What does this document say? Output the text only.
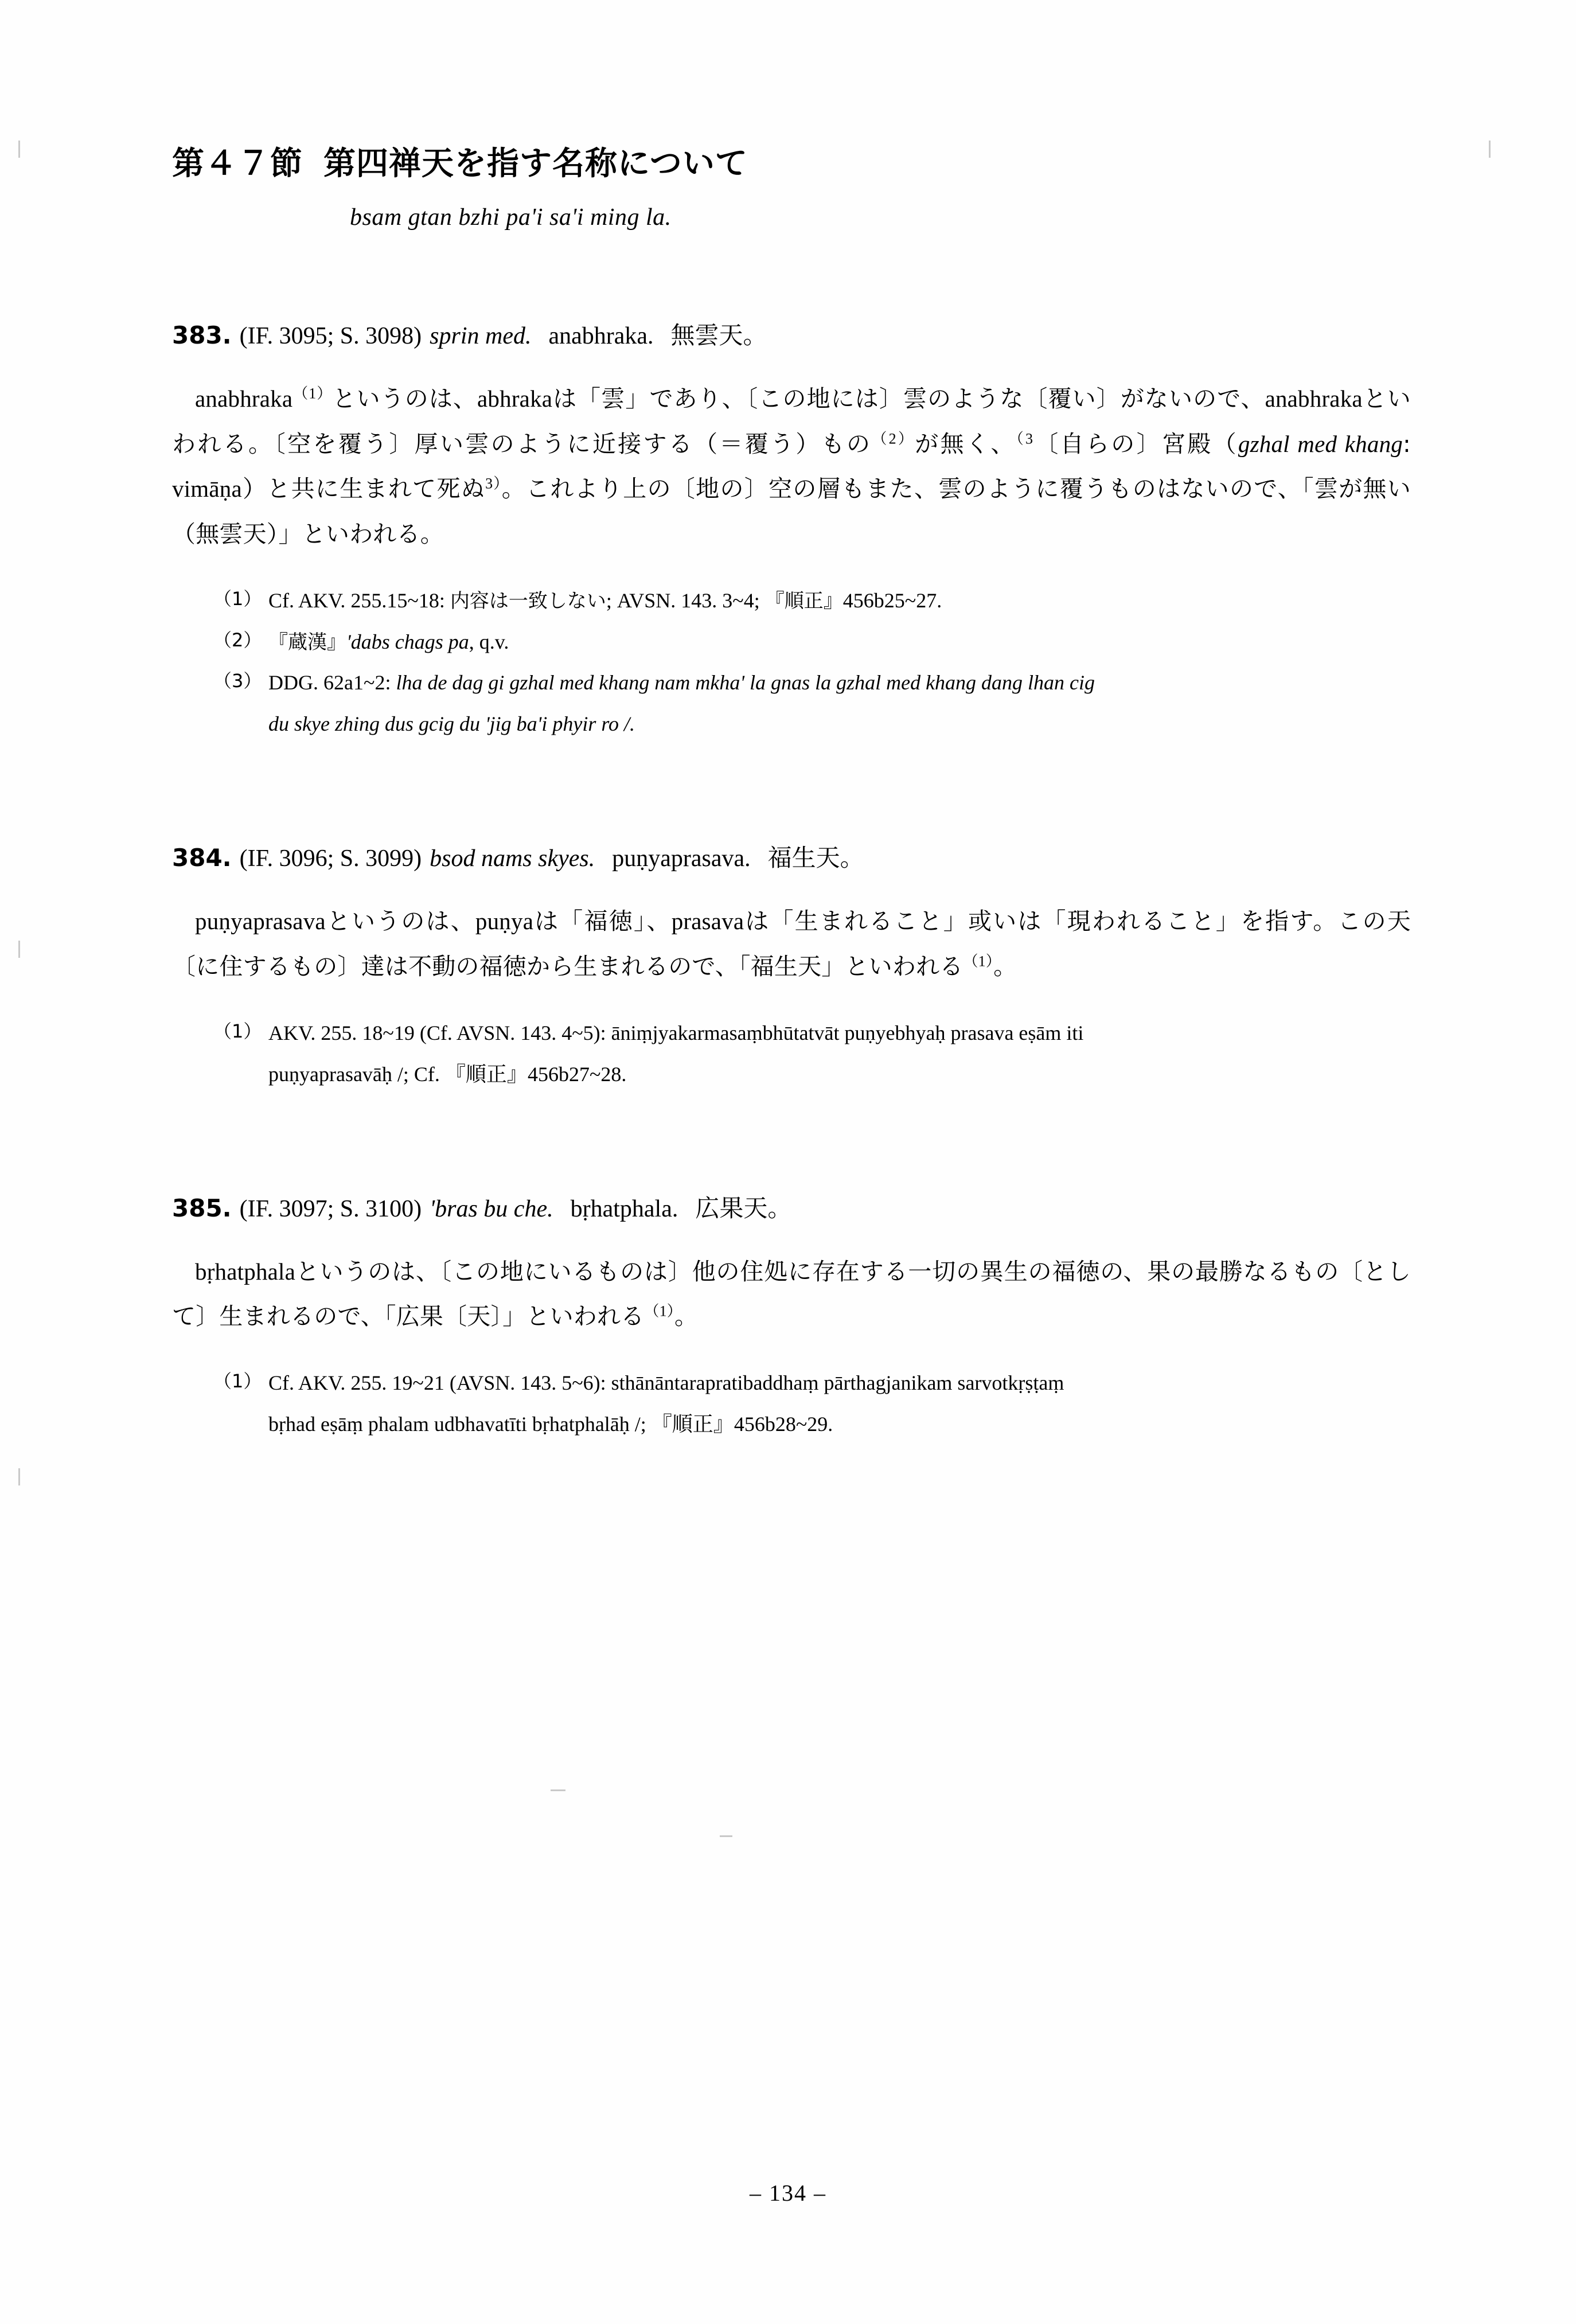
第４７節 第四禅天を指す名称について
bsam gtan bzhi pa'i sa'i ming la.
383. (IF. 3095; S. 3098) sprin med. anabhraka. 無雲天。

anabhraka$^{(1)}$というのは、abhrakaは「雲」であり、〔この地には〕雲のような〔覆い〕がないので、anabhrakaといわれる。〔空を覆う〕厚い雲のように近接する（＝覆う）もの$^{(2)}$が無く、$^{(3}$〔自らの〕宮殿（gzhal med khang: vimāṇa）と共に生まれて死ぬ$^{3)}$。これより上の〔地の〕空の層もまた、雲のように覆うものはないので、「雲が無い（無雲天）」といわれる。

（1） Cf. AKV. 255.15~18: 内容は一致しない; AVSN. 143. 3~4; 『順正』456b25~27.
（2） 『蔵漢』'dabs chags pa, q.v.
（3） DDG. 62a1~2: lha de dag gi gzhal med khang nam mkha' la gnas la gzhal med khang dang lhan cig
du skye zhing dus gcig du 'jig ba'i phyir ro /.
384. (IF. 3096; S. 3099) bsod nams skyes. puṇyaprasava. 福生天。

puṇyaprasavaというのは、puṇyaは「福徳」、prasavaは「生まれること」或いは「現われること」を指す。この天〔に住するもの〕達は不動の福徳から生まれるので、「福生天」といわれる$^{(1)}$。

（1） AKV. 255. 18~19 (Cf. AVSN. 143. 4~5): āniṃjyakarmasaṃbhūtatvāt puṇyebhyaḥ prasava eṣām iti
puṇyaprasavāḥ /; Cf. 『順正』456b27~28.
385. (IF. 3097; S. 3100) 'bras bu che. bṛhatphala. 広果天。

bṛhatphalaというのは、〔この地にいるものは〕他の住処に存在する一切の異生の福徳の、果の最勝なるもの〔として〕生まれるので、「広果〔天〕」といわれる$^{(1)}$。

（1） Cf. AKV. 255. 19~21 (AVSN. 143. 5~6): sthānāntarapratibaddhaṃ pārthagjanikam sarvotkṛṣṭaṃ
bṛhad eṣāṃ phalam udbhavatīti bṛhatphalāḥ /; 『順正』456b28~29.
– 134 –
